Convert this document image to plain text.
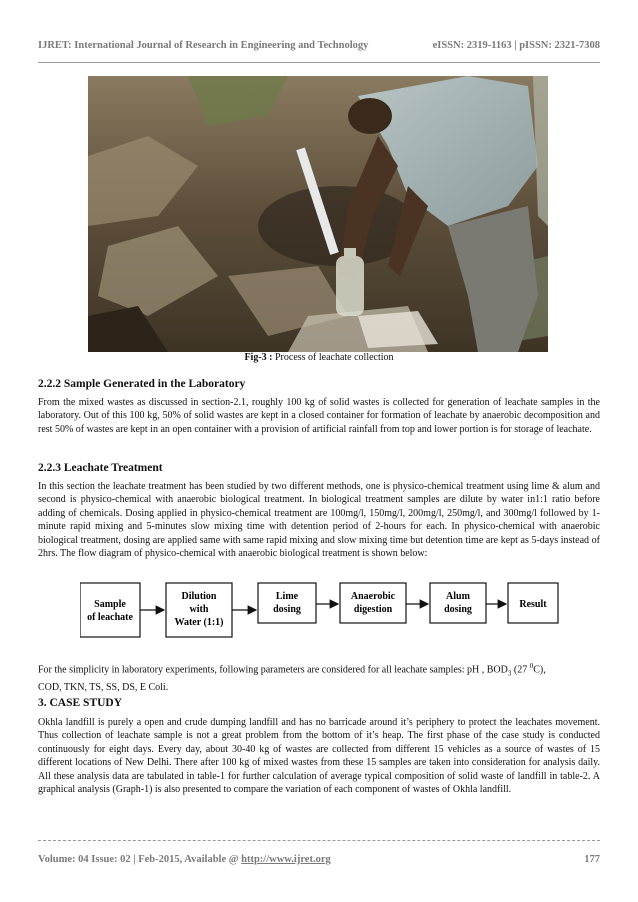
IJRET: International Journal of Research in Engineering and Technology	eISSN: 2319-1163 | pISSN: 2321-7308
Fig-3 : Process of leachate collection
2.2.2 Sample Generated in the Laboratory

From the mixed wastes as discussed in section-2.1, roughly 100 kg of solid wastes is collected for generation of leachate samples in the laboratory. Out of this 100 kg, 50% of solid wastes are kept in a closed container for formation of leachate by anaerobic decomposition and rest 50% of wastes are kept in an open container with a provision of artificial rainfall from top and lower portion is for storage of leachate.

2.2.3 Leachate Treatment

In this section the leachate treatment has been studied by two different methods, one is physico-chemical treatment using lime & alum and second is physico-chemical with anaerobic biological treatment. In biological treatment samples are dilute by water in1:1 ratio before adding of chemicals. Dosing applied in physico-chemical treatment are 100mg/l, 150mg/l, 200mg/l, 250mg/l, and 300mg/l followed by 1-minute rapid mixing and 5-minutes slow mixing time with detention period of 2-hours for each. In physico-chemical with anaerobic biological treatment, dosing are applied same with same rapid mixing and slow mixing time but detention time are kept as 5-days instead of 2hrs. The flow diagram of physico-chemical with anaerobic biological treatment is shown below:

Sample
of leachate
Dilution
with
Water (1:1)
Lime
dosing
Anaerobic
digestion
Alum
dosing	Result

For the simplicity in laboratory experiments, following parameters are considered for all leachate samples: pH , $BOD_3$ (27 $^0$C),
COD, TKN, TS, SS, DS, E Coli.

3. CASE STUDY

Okhla landfill is purely a open and crude dumping landfill and has no barricade around it’s periphery to protect the leachates movement. Thus collection of leachate sample is not a great problem from the bottom of it’s heap. The first phase of the case study is conducted continuously for eight days. Every day, about 30-40 kg of wastes are collected from different 15 vehicles as a source of wastes of 15 different locations of New Delhi. There after 100 kg of mixed wastes from these 15 samples are taken into consideration for analysis daily. All these analysis data are tabulated in table-1 for further calculation of average typical composition of solid waste of landfill in table-2. A graphical analysis (Graph-1) is also presented to compare the variation of each component of wastes of Okhla landfill.

Volume: 04 Issue: 02 | Feb-2015, Available @ http://www.ijret.org	177
